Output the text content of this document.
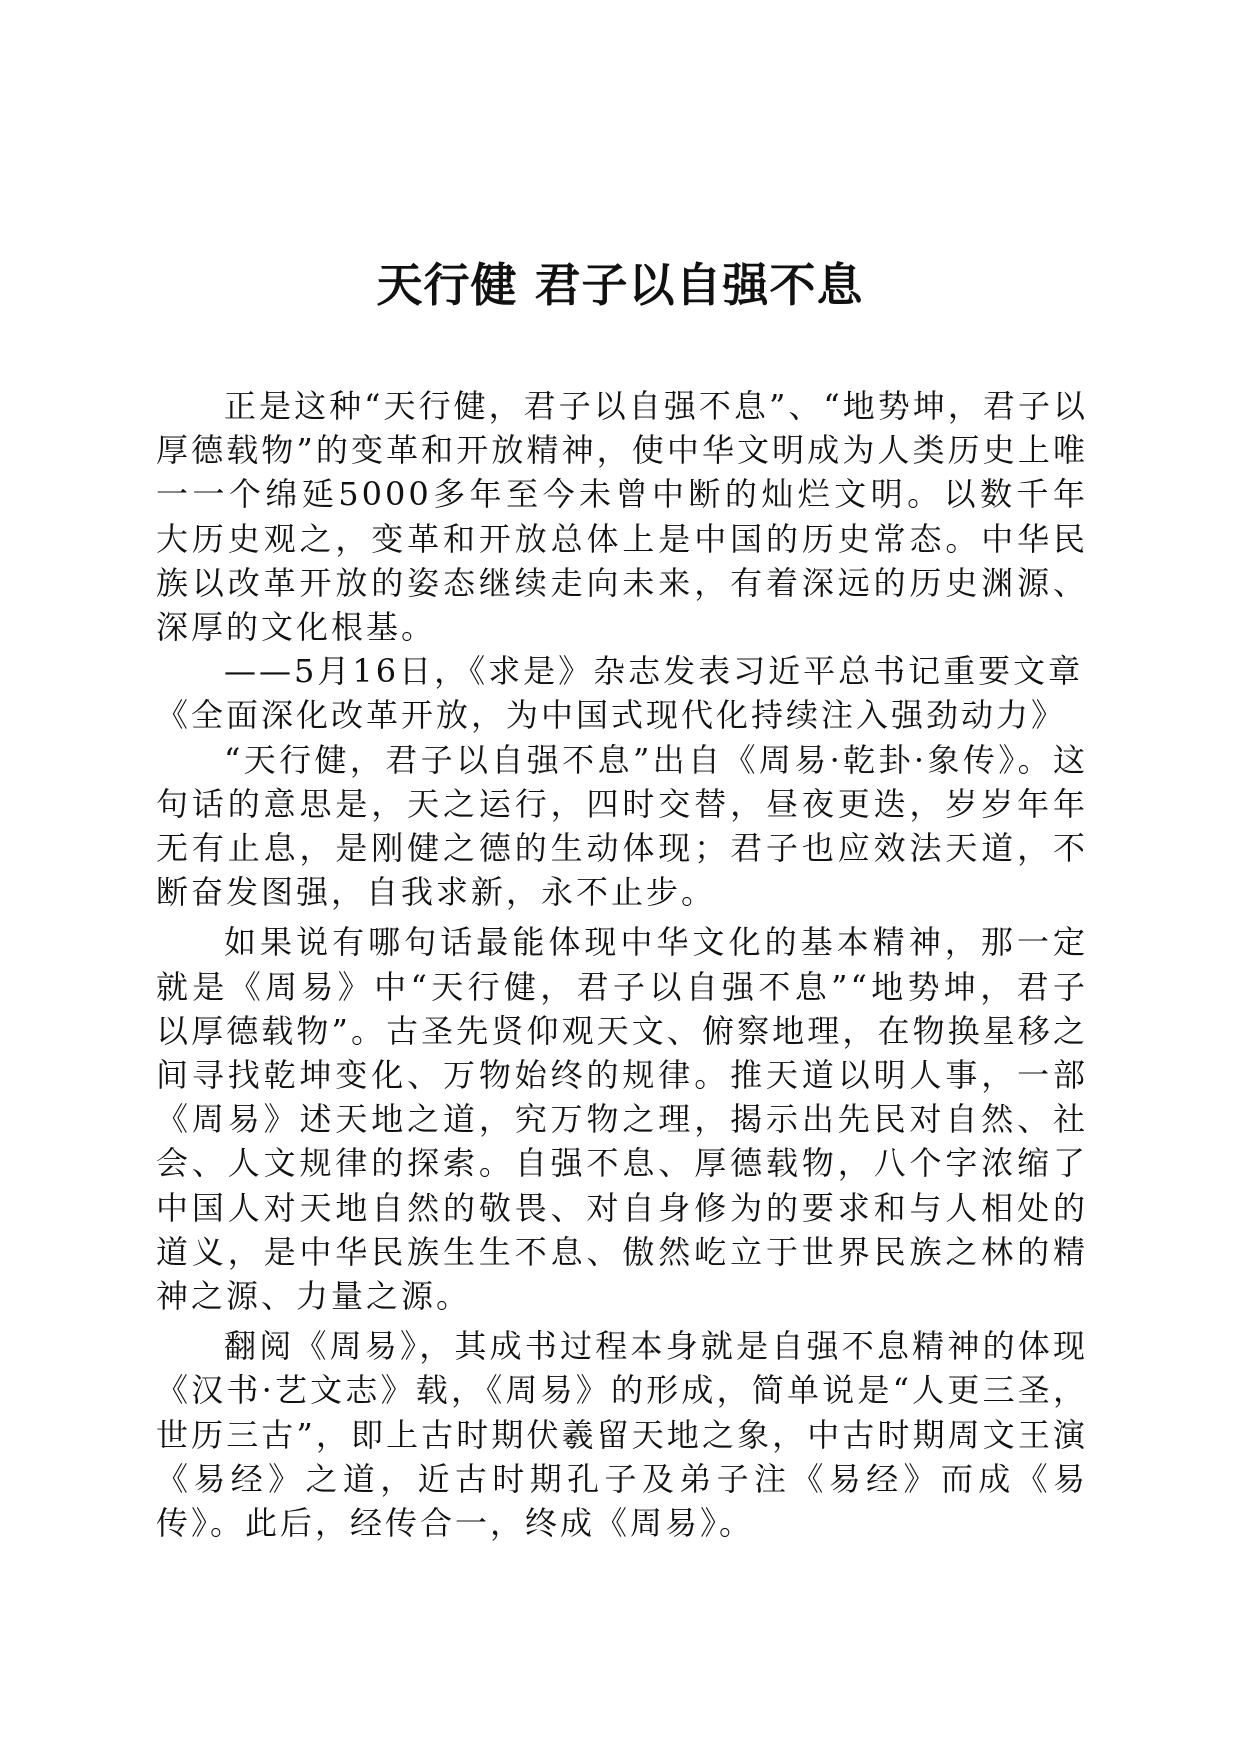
天行健 君子以自强不息

正是这种“天行健，君子以自强不息”、“地势坤，君子以厚德载物”的变革和开放精神，使中华文明成为人类历史上唯一一个绵延5000多年至今未曾中断的灿烂文明。以数千年大历史观之，变革和开放总体上是中国的历史常态。中华民族以改革开放的姿态继续走向未来，有着深远的历史渊源、深厚的文化根基。

——5月16日，《求是》杂志发表习近平总书记重要文章

《全面深化改革开放，为中国式现代化持续注入强劲动力》

“天行健，君子以自强不息”出自《周易·乾卦·象传》。这句话的意思是，天之运行，四时交替，昼夜更迭，岁岁年年无有止息，是刚健之德的生动体现；君子也应效法天道，不断奋发图强，自我求新，永不止步。

如果说有哪句话最能体现中华文化的基本精神，那一定就是《周易》中“天行健，君子以自强不息”“地势坤，君子以厚德载物”。古圣先贤仰观天文、俯察地理，在物换星移之间寻找乾坤变化、万物始终的规律。推天道以明人事，一部《周易》述天地之道，究万物之理，揭示出先民对自然、社会、人文规律的探索。自强不息、厚德载物，八个字浓缩了中国人对天地自然的敬畏、对自身修为的要求和与人相处的道义，是中华民族生生不息、傲然屹立于世界民族之林的精神之源、力量之源。

翻阅《周易》，其成书过程本身就是自强不息精神的体现《汉书·艺文志》载，《周易》的形成，简单说是“人更三圣，世历三古”，即上古时期伏羲留天地之象，中古时期周文王演《易经》之道，近古时期孔子及弟子注《易经》而成《易传》。此后，经传合一，终成《周易》。
